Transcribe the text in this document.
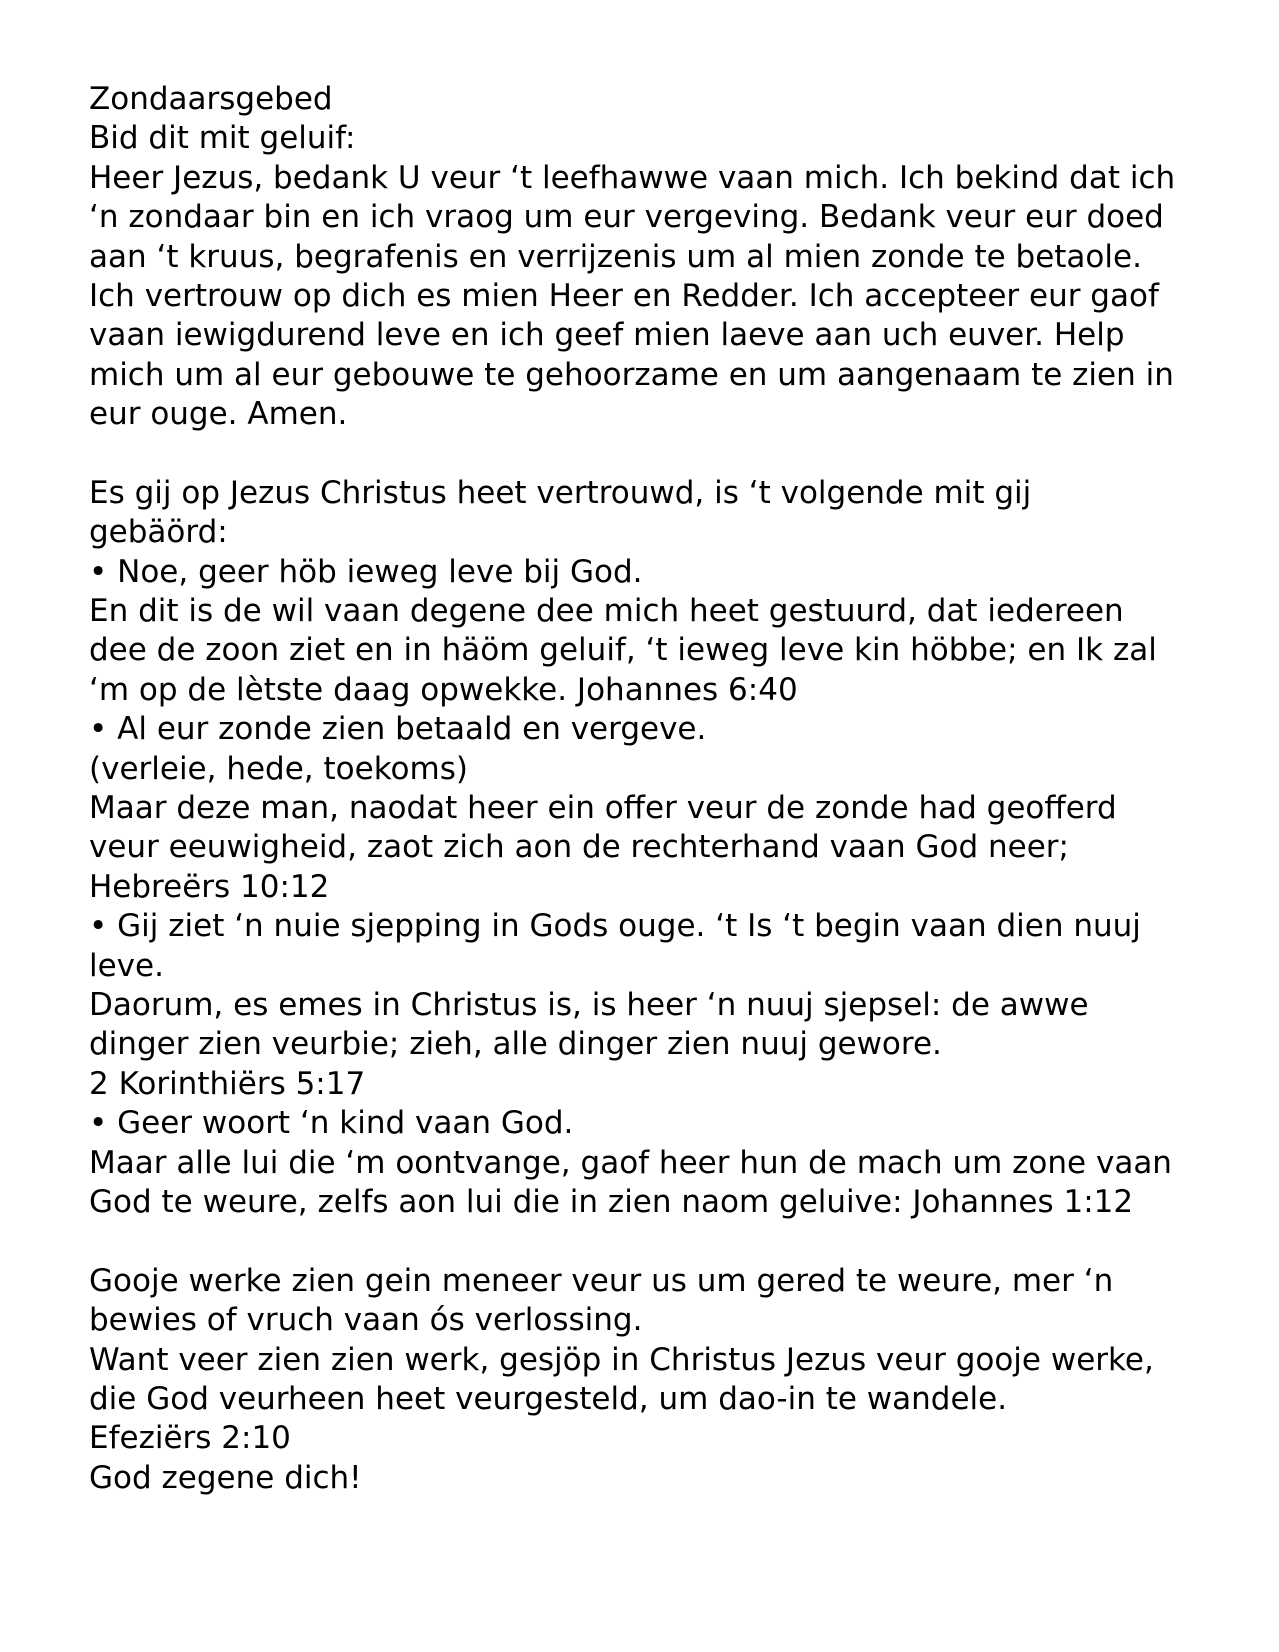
Zondaarsgebed
Bid dit mit geluif:
Heer Jezus, bedank U veur ‘t leefhawwe vaan mich. Ich bekind dat ich
‘n zondaar bin en ich vraog um eur vergeving. Bedank veur eur doed
aan ‘t kruus, begrafenis en verrijzenis um al mien zonde te betaole.
Ich vertrouw op dich es mien Heer en Redder. Ich accepteer eur gaof
vaan iewigdurend leve en ich geef mien laeve aan uch euver. Help
mich um al eur gebouwe te gehoorzame en um aangenaam te zien in
eur ouge. Amen.
Es gij op Jezus Christus heet vertrouwd, is ‘t volgende mit gij
gebäörd:
• Noe, geer höb ieweg leve bij God.
En dit is de wil vaan degene dee mich heet gestuurd, dat iedereen
dee de zoon ziet en in häöm geluif, ‘t ieweg leve kin höbbe; en Ik zal
‘m op de lètste daag opwekke. Johannes 6:40
• Al eur zonde zien betaald en vergeve.
(verleie, hede, toekoms)
Maar deze man, naodat heer ein offer veur de zonde had geofferd
veur eeuwigheid, zaot zich aon de rechterhand vaan God neer;
Hebreërs 10:12
• Gij ziet ‘n nuie sjepping in Gods ouge. ‘t Is ‘t begin vaan dien nuuj
leve.
Daorum, es emes in Christus is, is heer ‘n nuuj sjepsel: de awwe
dinger zien veurbie; zieh, alle dinger zien nuuj gewore.
2 Korinthiërs 5:17
• Geer woort ‘n kind vaan God.
Maar alle lui die ‘m oontvange, gaof heer hun de mach um zone vaan
God te weure, zelfs aon lui die in zien naom geluive: Johannes 1:12
Gooje werke zien gein meneer veur us um gered te weure, mer ‘n
bewies of vruch vaan ós verlossing.
Want veer zien zien werk, gesjöp in Christus Jezus veur gooje werke,
die God veurheen heet veurgesteld, um dao-in te wandele.
Efeziërs 2:10
God zegene dich!
